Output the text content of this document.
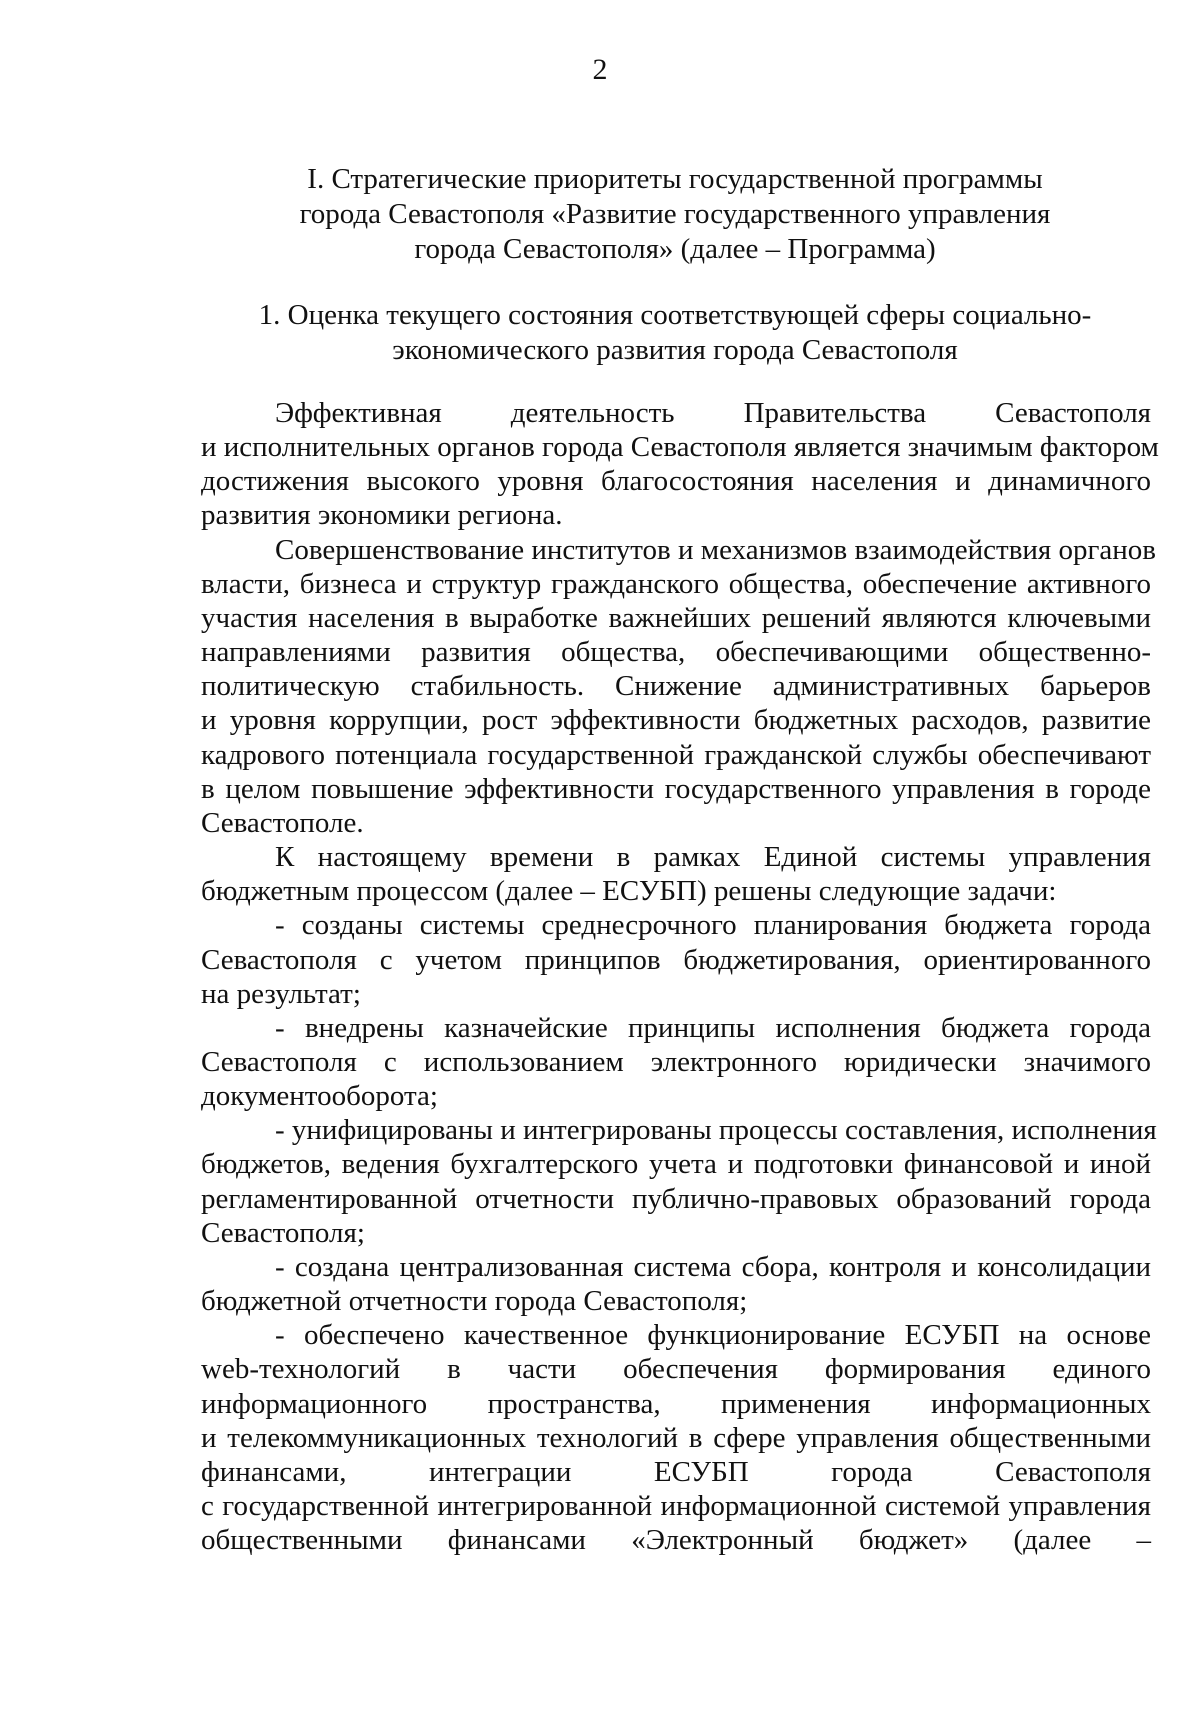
2
I. Стратегические приоритеты государственной программы
города Севастополя «Развитие государственного управления
города Севастополя» (далее – Программа)
1. Оценка текущего состояния соответствующей сферы социально-
экономического развития города Севастополя

Эффективная деятельность Правительства Севастополя
и исполнительных органов города Севастополя является значимым фактором
достижения высокого уровня благосостояния населения и динамичного
развития экономики региона.

Совершенствование институтов и механизмов взаимодействия органов
власти, бизнеса и структур гражданского общества, обеспечение активного
участия населения в выработке важнейших решений являются ключевыми
направлениями развития общества, обеспечивающими общественно-
политическую стабильность. Снижение административных барьеров
и уровня коррупции, рост эффективности бюджетных расходов, развитие
кадрового потенциала государственной гражданской службы обеспечивают
в целом повышение эффективности государственного управления в городе
Севастополе.

К настоящему времени в рамках Единой системы управления
бюджетным процессом (далее – ЕСУБП) решены следующие задачи:

- созданы системы среднесрочного планирования бюджета города
Севастополя с учетом принципов бюджетирования, ориентированного
на результат;

- внедрены казначейские принципы исполнения бюджета города
Севастополя с использованием электронного юридически значимого
документооборота;

- унифицированы и интегрированы процессы составления, исполнения
бюджетов, ведения бухгалтерского учета и подготовки финансовой и иной
регламентированной отчетности публично-правовых образований города
Севастополя;

- создана централизованная система сбора, контроля и консолидации
бюджетной отчетности города Севастополя;

- обеспечено качественное функционирование ЕСУБП на основе
web-технологий в части обеспечения формирования единого
информационного пространства, применения информационных
и телекоммуникационных технологий в сфере управления общественными
финансами, интеграции ЕСУБП города Севастополя
с государственной интегрированной информационной системой управления
общественными финансами «Электронный бюджет» (далее –
